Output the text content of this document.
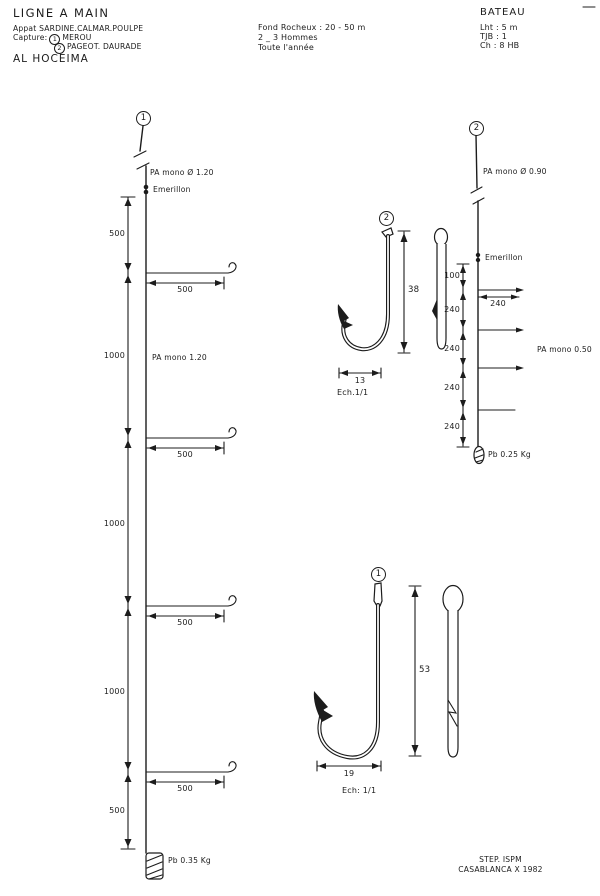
LIGNE A MAIN
Appat SARDINE.CALMAR.POULPE
Capture: 1 MEROU
2 PAGEOT. DAURADE
AL HOCEIMA
Fond Rocheux : 20 - 50 m
2 _ 3 Hommes
Toute l'année
BATEAU
Lht : 5 m
TJB : 1
Ch : 8 HB
1
PA mono Ø 1.20
Emerillon
500
1000
1000
1000
500
PA mono 1.20
500
500
500
500
Pb 0.35 Kg
2
PA mono Ø 0.90
Emerillon
100
240
240
240
240
240
PA mono 0.50
Pb 0.25 Kg
2
38
13
Ech.1/1
1
53
19
Ech: 1/1
STEP. ISPM
CASABLANCA X 1982
